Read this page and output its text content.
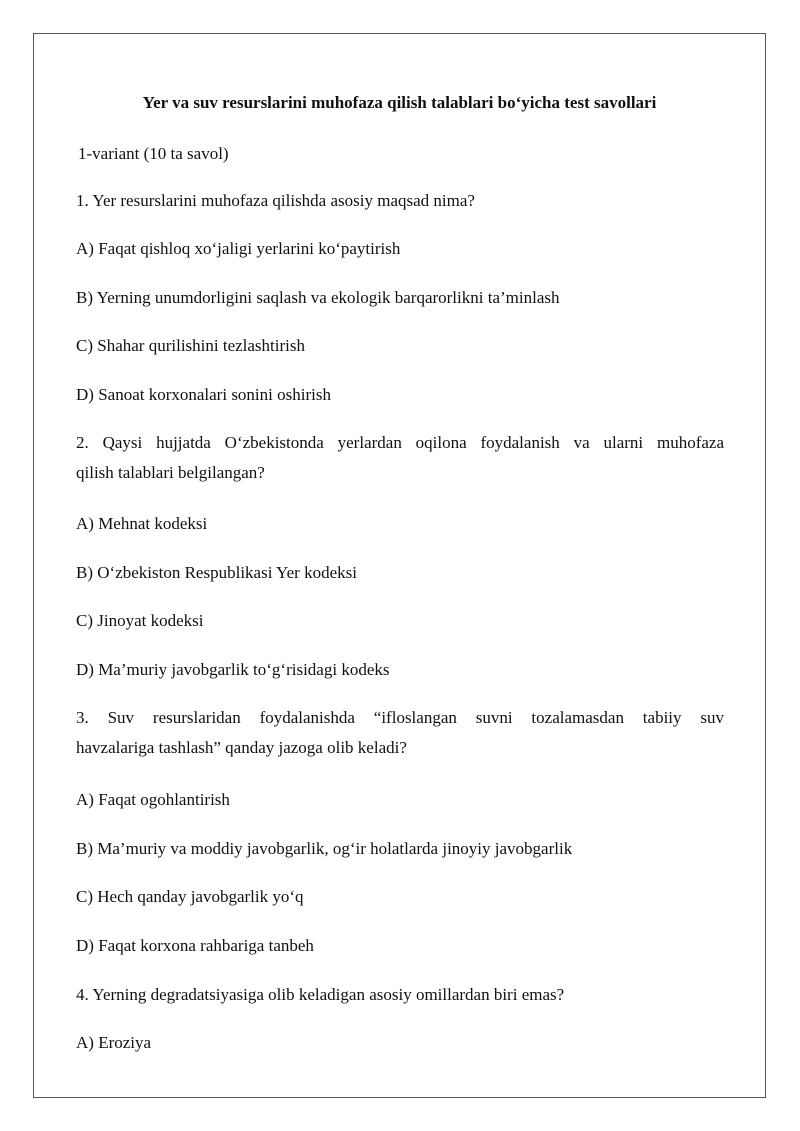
Yer va suv resurslarini muhofaza qilish talablari bo‘yicha test savollari
1-variant (10 ta savol)
1. Yer resurslarini muhofaza qilishda asosiy maqsad nima?
A) Faqat qishloq xo‘jaligi yerlarini ko‘paytirish
B) Yerning unumdorligini saqlash va ekologik barqarorlikni ta’minlash
C) Shahar qurilishini tezlashtirish
D) Sanoat korxonalari sonini oshirish
2. Qaysi hujjatda O‘zbekistonda yerlardan oqilona foydalanish va ularni muhofaza
qilish talablari belgilangan?
A) Mehnat kodeksi
B) O‘zbekiston Respublikasi Yer kodeksi
C) Jinoyat kodeksi
D) Ma’muriy javobgarlik to‘g‘risidagi kodeks
3. Suv resurslaridan foydalanishda “ifloslangan suvni tozalamasdan tabiiy suv
havzalariga tashlash” qanday jazoga olib keladi?
A) Faqat ogohlantirish
B) Ma’muriy va moddiy javobgarlik, og‘ir holatlarda jinoyiy javobgarlik
C) Hech qanday javobgarlik yo‘q
D) Faqat korxona rahbariga tanbeh
4. Yerning degradatsiyasiga olib keladigan asosiy omillardan biri emas?
A) Eroziya
